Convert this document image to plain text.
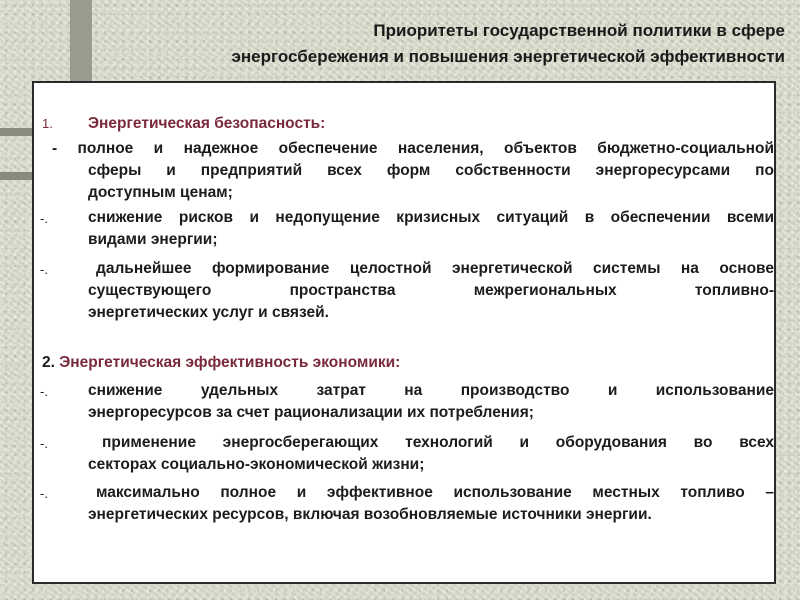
Приоритеты государственной политики в сфере
энергосбережения и повышения энергетической эффективности
1. Энергетическая безопасность:
- полное и надежное обеспечение населения, объектов бюджетно-социальной
сферы и предприятий всех форм собственности энергоресурсами по
доступным ценам;
-.	снижение рисков и недопущение кризисных ситуаций в обеспечении всеми
видами энергии;
-.	дальнейшее формирование целостной энергетической системы на основе
существующего пространства межрегиональных топливно-
энергетических услуг и связей.
2. Энергетическая эффективность экономики:
-.	снижение удельных затрат на производство и использование
энергоресурсов за счет рационализации их потребления;
-.	применение энергосберегающих технологий и оборудования во всех
секторах социально-экономической жизни;
-.	максимально полное и эффективное использование местных топливо –
энергетических ресурсов, включая возобновляемые источники энергии.
